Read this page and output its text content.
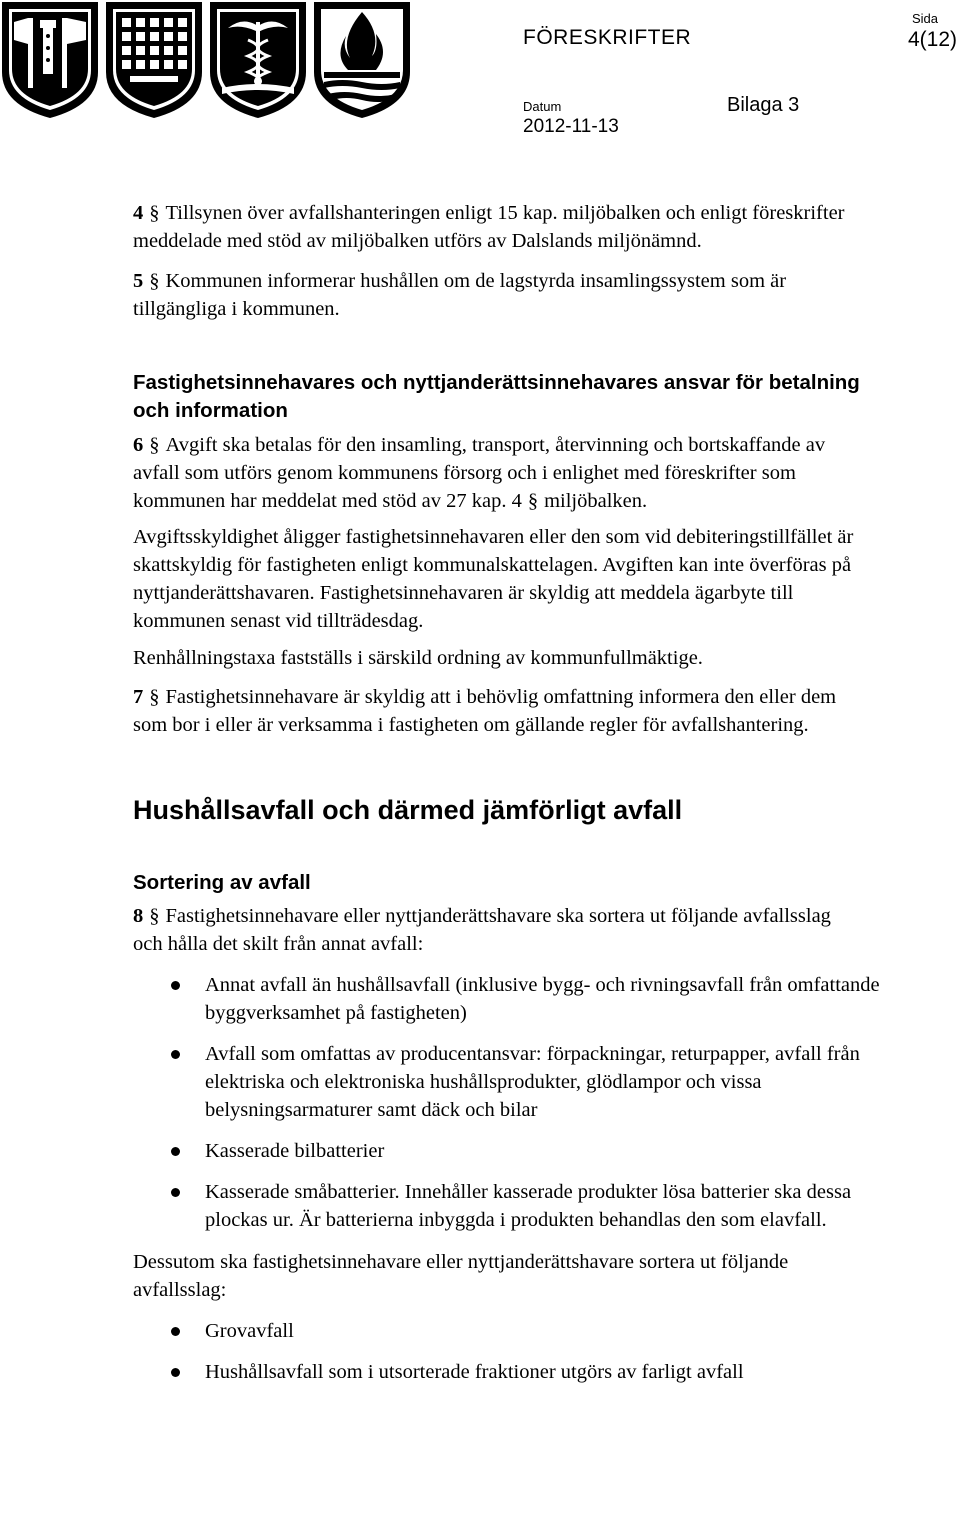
FÖRESKRIFTER
Sida
4(12)
Datum	Bilaga 3
2012-11-13

4 § Tillsynen över avfallshanteringen enligt 15 kap. miljöbalken och enligt föreskrifter meddelade med stöd av miljöbalken utförs av Dalslands miljönämnd.

5 § Kommunen informerar hushållen om de lagstyrda insamlingssystem som är tillgängliga i kommunen.

Fastighetsinnehavares och nyttjanderättsinnehavares ansvar för betalning och information

6 § Avgift ska betalas för den insamling, transport, återvinning och bortskaffande av avfall som utförs genom kommunens försorg och i enlighet med föreskrifter som kommunen har meddelat med stöd av 27 kap. 4 § miljöbalken.

Avgiftsskyldighet åligger fastighetsinnehavaren eller den som vid debiteringstillfället är skattskyldig för fastigheten enligt kommunalskattelagen. Avgiften kan inte överföras på nyttjanderättshavaren. Fastighetsinnehavaren är skyldig att meddela ägarbyte till kommunen senast vid tillträdesdag.

Renhållningstaxa fastställs i särskild ordning av kommunfullmäktige.

7 § Fastighetsinnehavare är skyldig att i behövlig omfattning informera den eller dem som bor i eller är verksamma i fastigheten om gällande regler för avfallshantering.

Hushållsavfall och därmed jämförligt avfall
Sortering av avfall

8 § Fastighetsinnehavare eller nyttjanderättshavare ska sortera ut följande avfallsslag och hålla det skilt från annat avfall:

Annat avfall än hushållsavfall (inklusive bygg- och rivningsavfall från omfattande byggverksamhet på fastigheten)
Avfall som omfattas av producentansvar: förpackningar, returpapper, avfall från elektriska och elektroniska hushållsprodukter, glödlampor och vissa belysningsarmaturer samt däck och bilar
Kasserade bilbatterier
Kasserade småbatterier. Innehåller kasserade produkter lösa batterier ska dessa plockas ur. Är batterierna inbyggda i produkten behandlas den som elavfall.

Dessutom ska fastighetsinnehavare eller nyttjanderättshavare sortera ut följande avfallsslag:

Grovavfall
Hushållsavfall som i utsorterade fraktioner utgörs av farligt avfall
